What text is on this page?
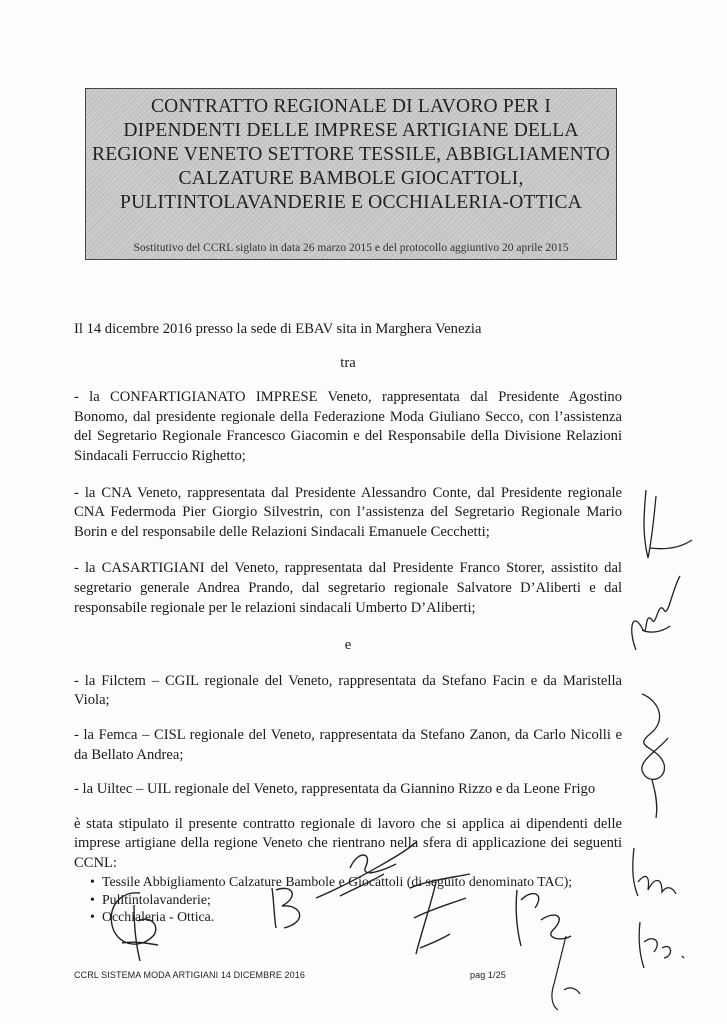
CONTRATTO REGIONALE DI LAVORO PER I
DIPENDENTI DELLE IMPRESE ARTIGIANE DELLA
REGIONE VENETO SETTORE TESSILE, ABBIGLIAMENTO
CALZATURE BAMBOLE GIOCATTOLI,
PULITINTOLAVANDERIE E OCCHIALERIA-OTTICA
Sostitutivo del CCRL siglato in data 26 marzo 2015 e del protocollo aggiuntivo 20 aprile 2015

Il 14 dicembre 2016 presso la sede di EBAV sita in Marghera Venezia

tra

- la CONFARTIGIANATO IMPRESE Veneto, rappresentata dal Presidente Agostino Bonomo, dal presidente regionale della Federazione Moda Giuliano Secco, con l’assistenza del Segretario Regionale Francesco Giacomin e del Responsabile della Divisione Relazioni Sindacali Ferruccio Righetto;

- la CNA Veneto, rappresentata dal Presidente Alessandro Conte, dal Presidente regionale CNA Federmoda Pier Giorgio Silvestrin, con l’assistenza del Segretario Regionale Mario Borin e del responsabile delle Relazioni Sindacali Emanuele Cecchetti;

- la CASARTIGIANI del Veneto, rappresentata dal Presidente Franco Storer, assistito dal segretario generale Andrea Prando, dal segretario regionale Salvatore D’Aliberti e dal responsabile regionale per le relazioni sindacali Umberto D’Aliberti;

e

- la Filctem – CGIL regionale del Veneto, rappresentata da Stefano Facin e da Maristella Viola;

- la Femca – CISL regionale del Veneto, rappresentata da Stefano Zanon, da Carlo Nicolli e da Bellato Andrea;

- la Uiltec – UIL regionale del Veneto, rappresentata da Giannino Rizzo e da Leone Frigo

è stata stipulato il presente contratto regionale di lavoro che si applica ai dipendenti delle imprese artigiane della regione Veneto che rientrano nella sfera di applicazione dei seguenti CCNL:

• Tessile Abbigliamento Calzature Bambole e Giocattoli (di seguito denominato TAC);
• Pulitintolavanderie;
• Occhialeria - Ottica.
CCRL SISTEMA MODA ARTIGIANI 14 DICEMBRE 2016	pag 1/25
